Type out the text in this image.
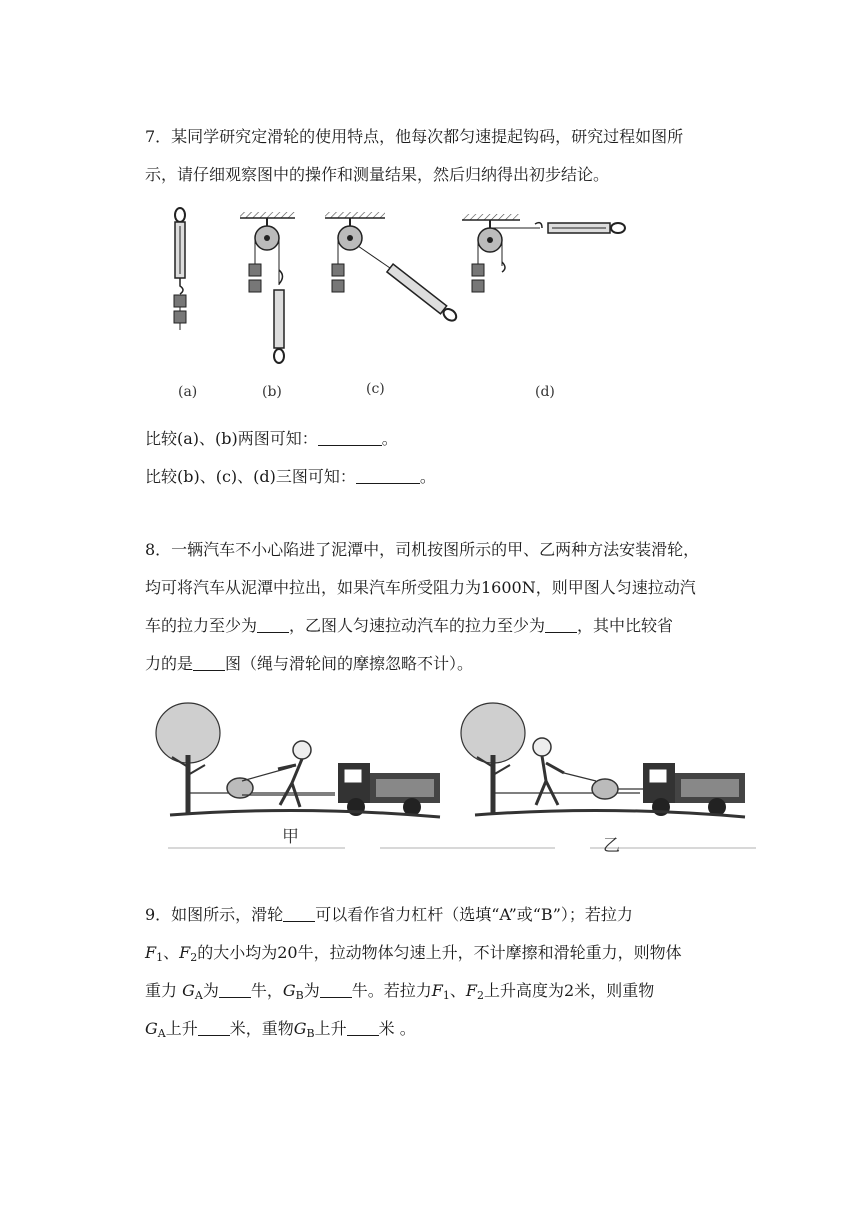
7．某同学研究定滑轮的使用特点，他每次都匀速提起钩码，研究过程如图所
示，请仔细观察图中的操作和测量结果，然后归纳得出初步结论。
(a)	(b)	(c)	(d)
比较(a)、(b)两图可知：	。
比较(b)、(c)、(d)三图可知：	。
8．一辆汽车不小心陷进了泥潭中，司机按图所示的甲、乙两种方法安装滑轮，
均可将汽车从泥潭中拉出，如果汽车所受阻力为1600N，则甲图人匀速拉动汽
车的拉力至少为 ，乙图人匀速拉动汽车的拉力至少为 ，其中比较省
力的是 图（绳与滑轮间的摩擦忽略不计）。
甲	乙
9．如图所示，滑轮 可以看作省力杠杆（选填“A”或“B”）；若拉力
$F_1$、$F_2$的大小均为20牛，拉动物体匀速上升，不计摩擦和滑轮重力，则物体
重力 $G_A$为 牛，$G_B$为 牛。若拉力$F_1$、$F_2$上升高度为2米，则重物
$G_A$上升 米，重物$G_B$上升 米 。
